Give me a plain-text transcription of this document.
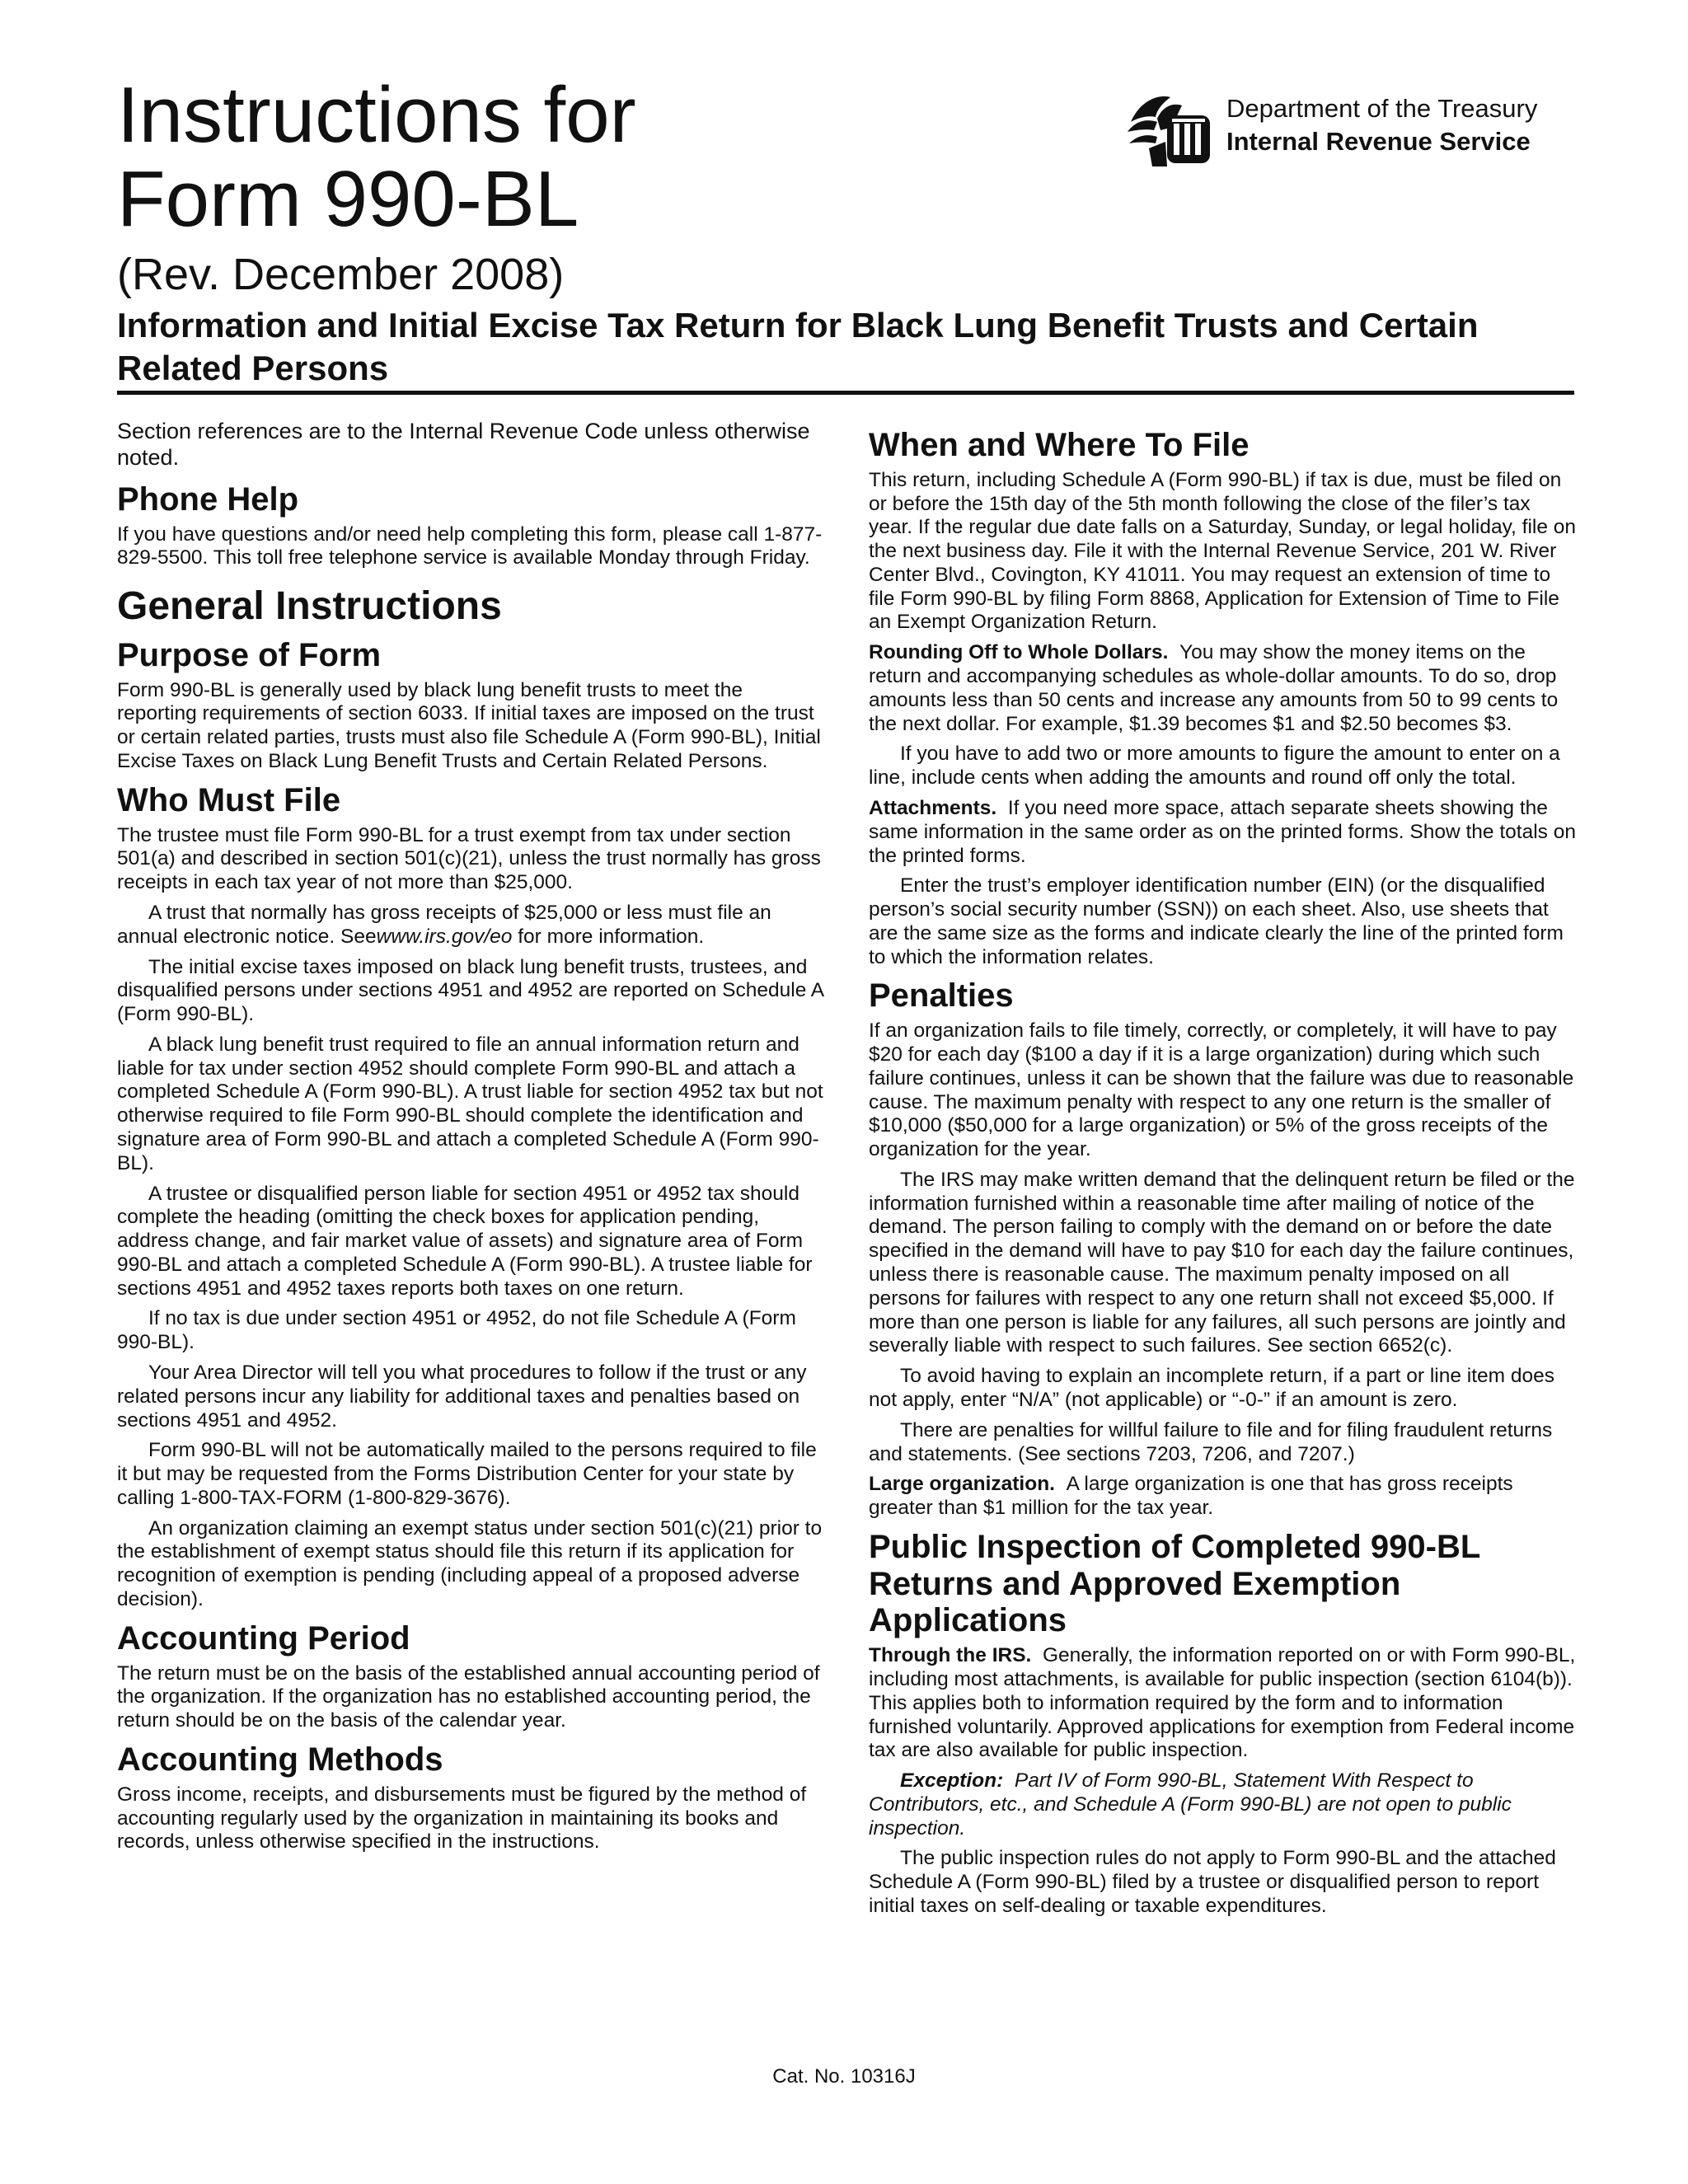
Instructions for
Form 990-BL
(Rev. December 2008)
Information and Initial Excise Tax Return for Black Lung Benefit Trusts and Certain Related Persons
Department of the Treasury
Internal Revenue Service

Section references are to the Internal Revenue Code unless otherwise noted.

Phone Help

If you have questions and/or need help completing this form, please call 1-877-829-5500. This toll free telephone service is available Monday through Friday.

General Instructions
Purpose of Form

Form 990-BL is generally used by black lung benefit trusts to meet the reporting requirements of section 6033. If initial taxes are imposed on the trust or certain related parties, trusts must also file Schedule A (Form 990-BL), Initial Excise Taxes on Black Lung Benefit Trusts and Certain Related Persons.

Who Must File

The trustee must file Form 990-BL for a trust exempt from tax under section 501(a) and described in section 501(c)(21), unless the trust normally has gross receipts in each tax year of not more than $25,000.

A trust that normally has gross receipts of $25,000 or less must file an annual electronic notice. Seewww.irs.gov/eo for more information.

The initial excise taxes imposed on black lung benefit trusts, trustees, and disqualified persons under sections 4951 and 4952 are reported on Schedule A (Form 990-BL).

A black lung benefit trust required to file an annual information return and liable for tax under section 4952 should complete Form 990-BL and attach a completed Schedule A (Form 990-BL). A trust liable for section 4952 tax but not otherwise required to file Form 990-BL should complete the identification and signature area of Form 990-BL and attach a completed Schedule A (Form 990-BL).

A trustee or disqualified person liable for section 4951 or 4952 tax should complete the heading (omitting the check boxes for application pending, address change, and fair market value of assets) and signature area of Form 990-BL and attach a completed Schedule A (Form 990-BL). A trustee liable for sections 4951 and 4952 taxes reports both taxes on one return.

If no tax is due under section 4951 or 4952, do not file Schedule A (Form 990-BL).

Your Area Director will tell you what procedures to follow if the trust or any related persons incur any liability for additional taxes and penalties based on sections 4951 and 4952.

Form 990-BL will not be automatically mailed to the persons required to file it but may be requested from the Forms Distribution Center for your state by calling 1-800-TAX-FORM (1-800-829-3676).

An organization claiming an exempt status under section 501(c)(21) prior to the establishment of exempt status should file this return if its application for recognition of exemption is pending (including appeal of a proposed adverse decision).

Accounting Period

The return must be on the basis of the established annual accounting period of the organization. If the organization has no established accounting period, the return should be on the basis of the calendar year.

Accounting Methods

Gross income, receipts, and disbursements must be figured by the method of accounting regularly used by the organization in maintaining its books and records, unless otherwise specified in the instructions.

When and Where To File

This return, including Schedule A (Form 990-BL) if tax is due, must be filed on or before the 15th day of the 5th month following the close of the filer’s tax year. If the regular due date falls on a Saturday, Sunday, or legal holiday, file on the next business day. File it with the Internal Revenue Service, 201 W. River Center Blvd., Covington, KY 41011. You may request an extension of time to file Form 990-BL by filing Form 8868, Application for Extension of Time to File an Exempt Organization Return.

Rounding Off to Whole Dollars. You may show the money items on the return and accompanying schedules as whole-dollar amounts. To do so, drop amounts less than 50 cents and increase any amounts from 50 to 99 cents to the next dollar. For example, $1.39 becomes $1 and $2.50 becomes $3.

If you have to add two or more amounts to figure the amount to enter on a line, include cents when adding the amounts and round off only the total.

Attachments. If you need more space, attach separate sheets showing the same information in the same order as on the printed forms. Show the totals on the printed forms.

Enter the trust’s employer identification number (EIN) (or the disqualified person’s social security number (SSN)) on each sheet. Also, use sheets that are the same size as the forms and indicate clearly the line of the printed form to which the information relates.

Penalties

If an organization fails to file timely, correctly, or completely, it will have to pay $20 for each day ($100 a day if it is a large organization) during which such failure continues, unless it can be shown that the failure was due to reasonable cause. The maximum penalty with respect to any one return is the smaller of $10,000 ($50,000 for a large organization) or 5% of the gross receipts of the organization for the year.

The IRS may make written demand that the delinquent return be filed or the information furnished within a reasonable time after mailing of notice of the demand. The person failing to comply with the demand on or before the date specified in the demand will have to pay $10 for each day the failure continues, unless there is reasonable cause. The maximum penalty imposed on all persons for failures with respect to any one return shall not exceed $5,000. If more than one person is liable for any failures, all such persons are jointly and severally liable with respect to such failures. See section 6652(c).

To avoid having to explain an incomplete return, if a part or line item does not apply, enter “N/A” (not applicable) or “-0-” if an amount is zero.

There are penalties for willful failure to file and for filing fraudulent returns and statements. (See sections 7203, 7206, and 7207.)

Large organization. A large organization is one that has gross receipts greater than $1 million for the tax year.

Public Inspection of Completed 990-BL Returns and Approved Exemption Applications

Through the IRS. Generally, the information reported on or with Form 990-BL, including most attachments, is available for public inspection (section 6104(b)). This applies both to information required by the form and to information furnished voluntarily. Approved applications for exemption from Federal income tax are also available for public inspection.

Exception: Part IV of Form 990-BL, Statement With Respect to Contributors, etc., and Schedule A (Form 990-BL) are not open to public inspection.

The public inspection rules do not apply to Form 990-BL and the attached Schedule A (Form 990-BL) filed by a trustee or disqualified person to report initial taxes on self-dealing or taxable expenditures.

Cat. No. 10316J
